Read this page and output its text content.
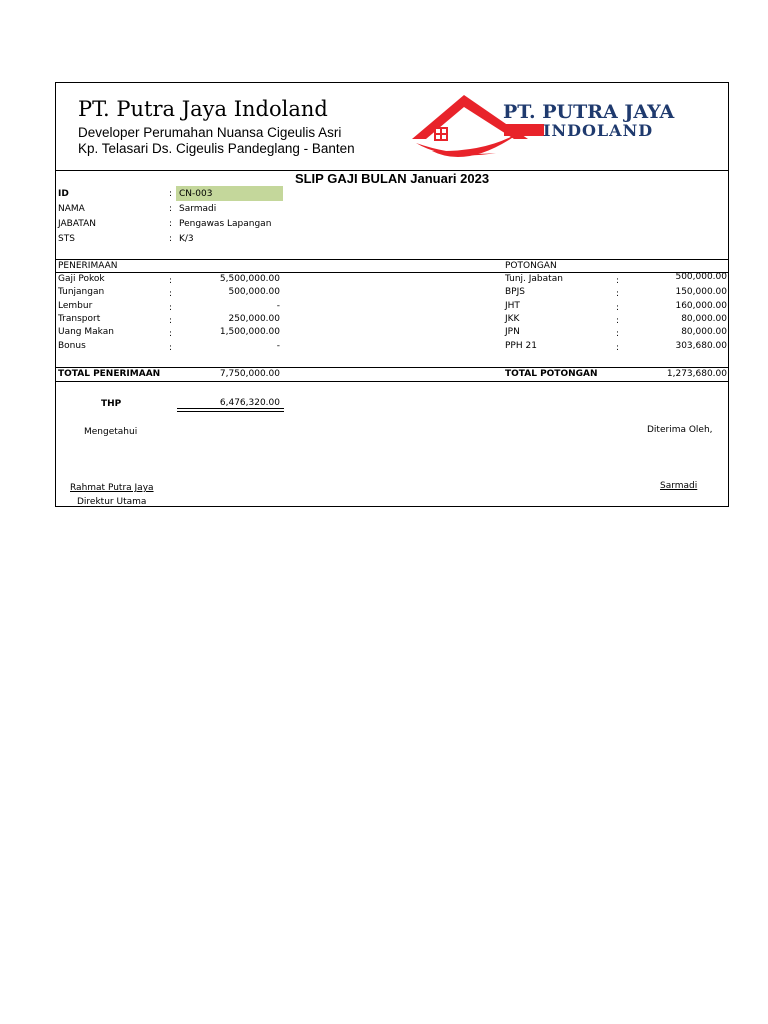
PT. Putra Jaya Indoland
Developer Perumahan Nuansa Cigeulis Asri
Kp. Telasari Ds. Cigeulis Pandeglang - Banten
PT. PUTRA JAYA
INDOLAND
SLIP GAJI BULAN Januari 2023
ID	: CN-003
NAMA	: Sarmadi
JABATAN	: Pengawas Lapangan
STS	: K/3
PENERIMAAN	POTONGAN
Gaji Pokok	:	5,500,000.00
Tunjangan	:	500,000.00
Lembur	:	-
Transport	:	250,000.00
Uang Makan	:	1,500,000.00
Bonus	:	-
Tunj. Jabatan	:	500,000.00
BPJS	:	150,000.00
JHT	:	160,000.00
JKK	:	80,000.00
JPN	:	80,000.00
PPH 21	:	303,680.00
TOTAL PENERIMAAN	7,750,000.00	TOTAL POTONGAN	1,273,680.00
THP	6,476,320.00
Mengetahui	Diterima Oleh,
Rahmat Putra Jaya
Direktur Utama
Sarmadi
